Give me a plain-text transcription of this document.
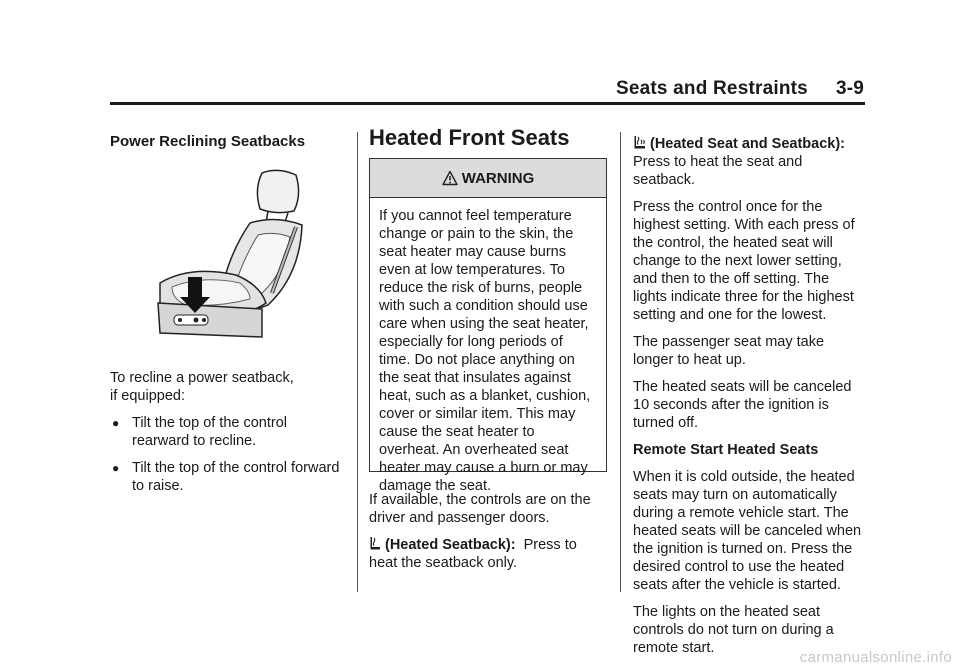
Seats and Restraints 3-9

Power Reclining Seatbacks

To recline a power seatback,
if equipped:

● Tilt the top of the control
rearward to recline.
● Tilt the top of the control forward
to raise.

Heated Front Seats

WARNING
If you cannot feel temperature
change or pain to the skin, the
seat heater may cause burns
even at low temperatures. To
reduce the risk of burns, people
with such a condition should use
care when using the seat heater,
especially for long periods of
time. Do not place anything on
the seat that insulates against
heat, such as a blanket, cushion,
cover or similar item. This may
cause the seat heater to
overheat. An overheated seat
heater may cause a burn or may
damage the seat.

If available, the controls are on the
driver and passenger doors.

(Heated Seatback): Press to
heat the seatback only.

(Heated Seat and Seatback):
Press to heat the seat and
seatback.

Press the control once for the
highest setting. With each press of
the control, the heated seat will
change to the next lower setting,
and then to the off setting. The
lights indicate three for the highest
setting and one for the lowest.

The passenger seat may take
longer to heat up.

The heated seats will be canceled
10 seconds after the ignition is
turned off.

Remote Start Heated Seats

When it is cold outside, the heated
seats may turn on automatically
during a remote vehicle start. The
heated seats will be canceled when
the ignition is turned on. Press the
desired control to use the heated
seats after the vehicle is started.

The lights on the heated seat
controls do not turn on during a
remote start.

carmanualsonline.info
